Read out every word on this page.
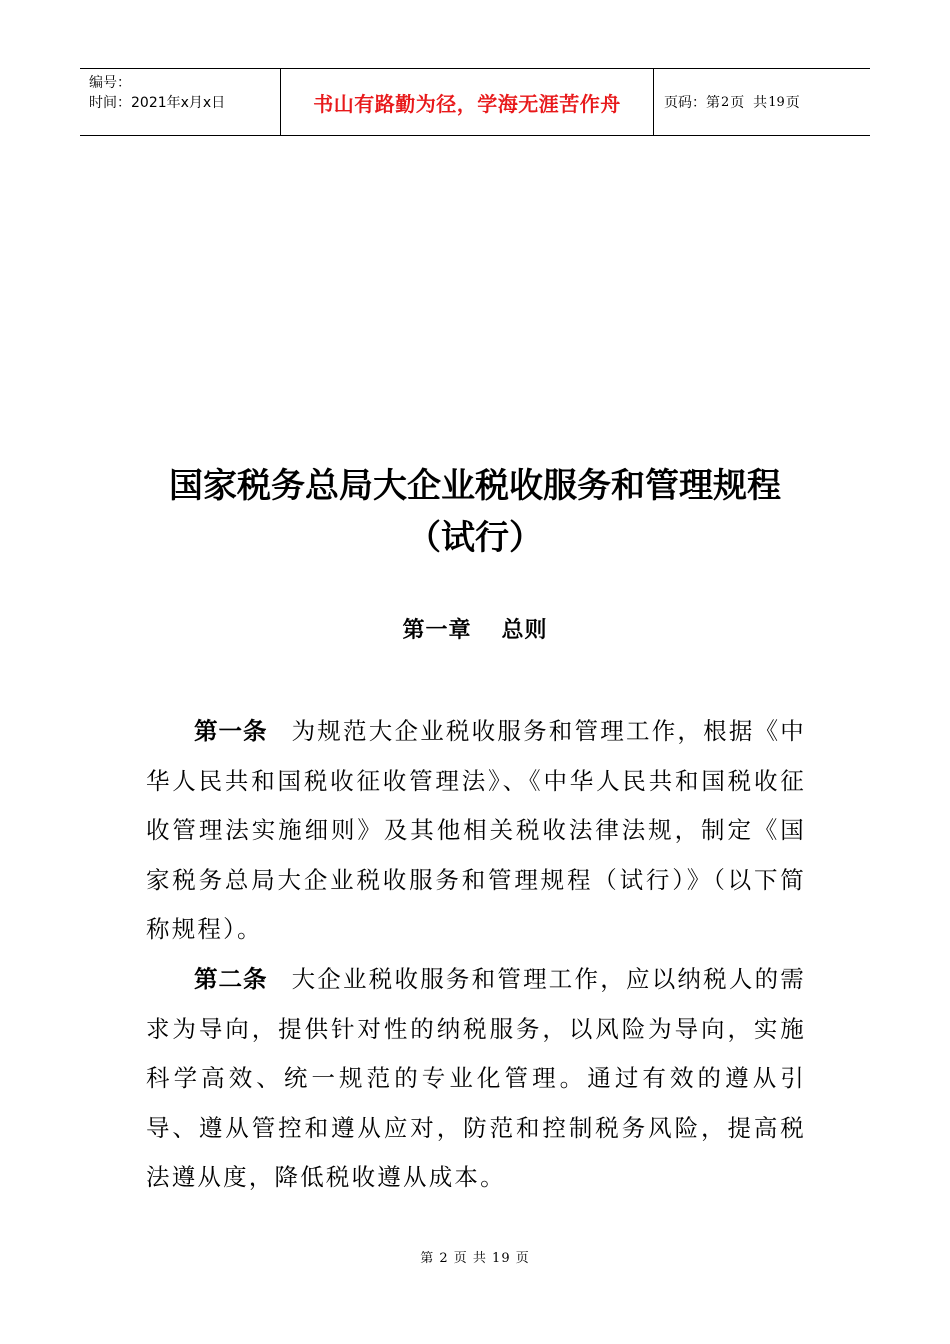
编号：
时间：2021年x月x日	书山有路勤为径，学海无涯苦作舟	页码：第 2 页  共 19 页
国家税务总局大企业税收服务和管理规程
（试行）
第一章 总则
第一条 为规范大企业税收服务和管理工作，根据《中华人民共和国税收征收管理法》、《中华人民共和国税收征收管理法实施细则》及其他相关税收法律法规，制定《国家税务总局大企业税收服务和管理规程（试行）》（以下简称规程）。
第二条 大企业税收服务和管理工作，应以纳税人的需求为导向，提供针对性的纳税服务，以风险为导向，实施科学高效、统一规范的专业化管理。通过有效的遵从引导、遵从管控和遵从应对，防范和控制税务风险，提高税法遵从度，降低税收遵从成本。
第 2 页 共 19 页
